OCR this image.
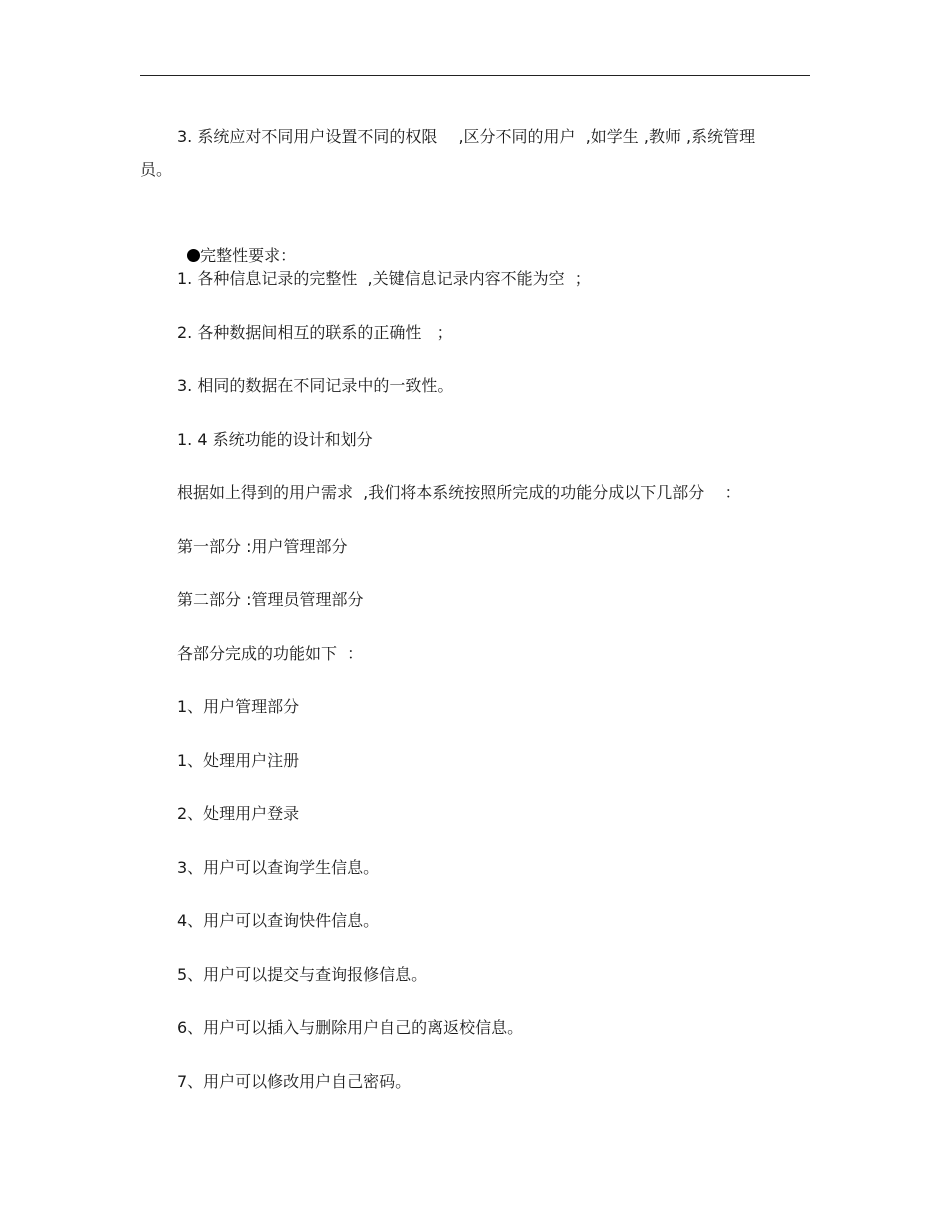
3. 系统应对不同用户设置不同的权限　 ,区分不同的用户  ,如学生 ,教师 ,系统管理
员。

完整性要求：

1. 各种信息记录的完整性  ,关键信息记录内容不能为空  ；
2. 各种数据间相互的联系的正确性   ；
3. 相同的数据在不同记录中的一致性。
1. 4 系统功能的设计和划分
根据如上得到的用户需求  ,我们将本系统按照所完成的功能分成以下几部分    ：
第一部分 :用户管理部分
第二部分 :管理员管理部分
各部分完成的功能如下  ：
1、用户管理部分
1、处理用户注册
2、处理用户登录
3、用户可以查询学生信息。
4、用户可以查询快件信息。
5、用户可以提交与查询报修信息。
6、用户可以插入与删除用户自己的离返校信息。
7、用户可以修改用户自己密码。
